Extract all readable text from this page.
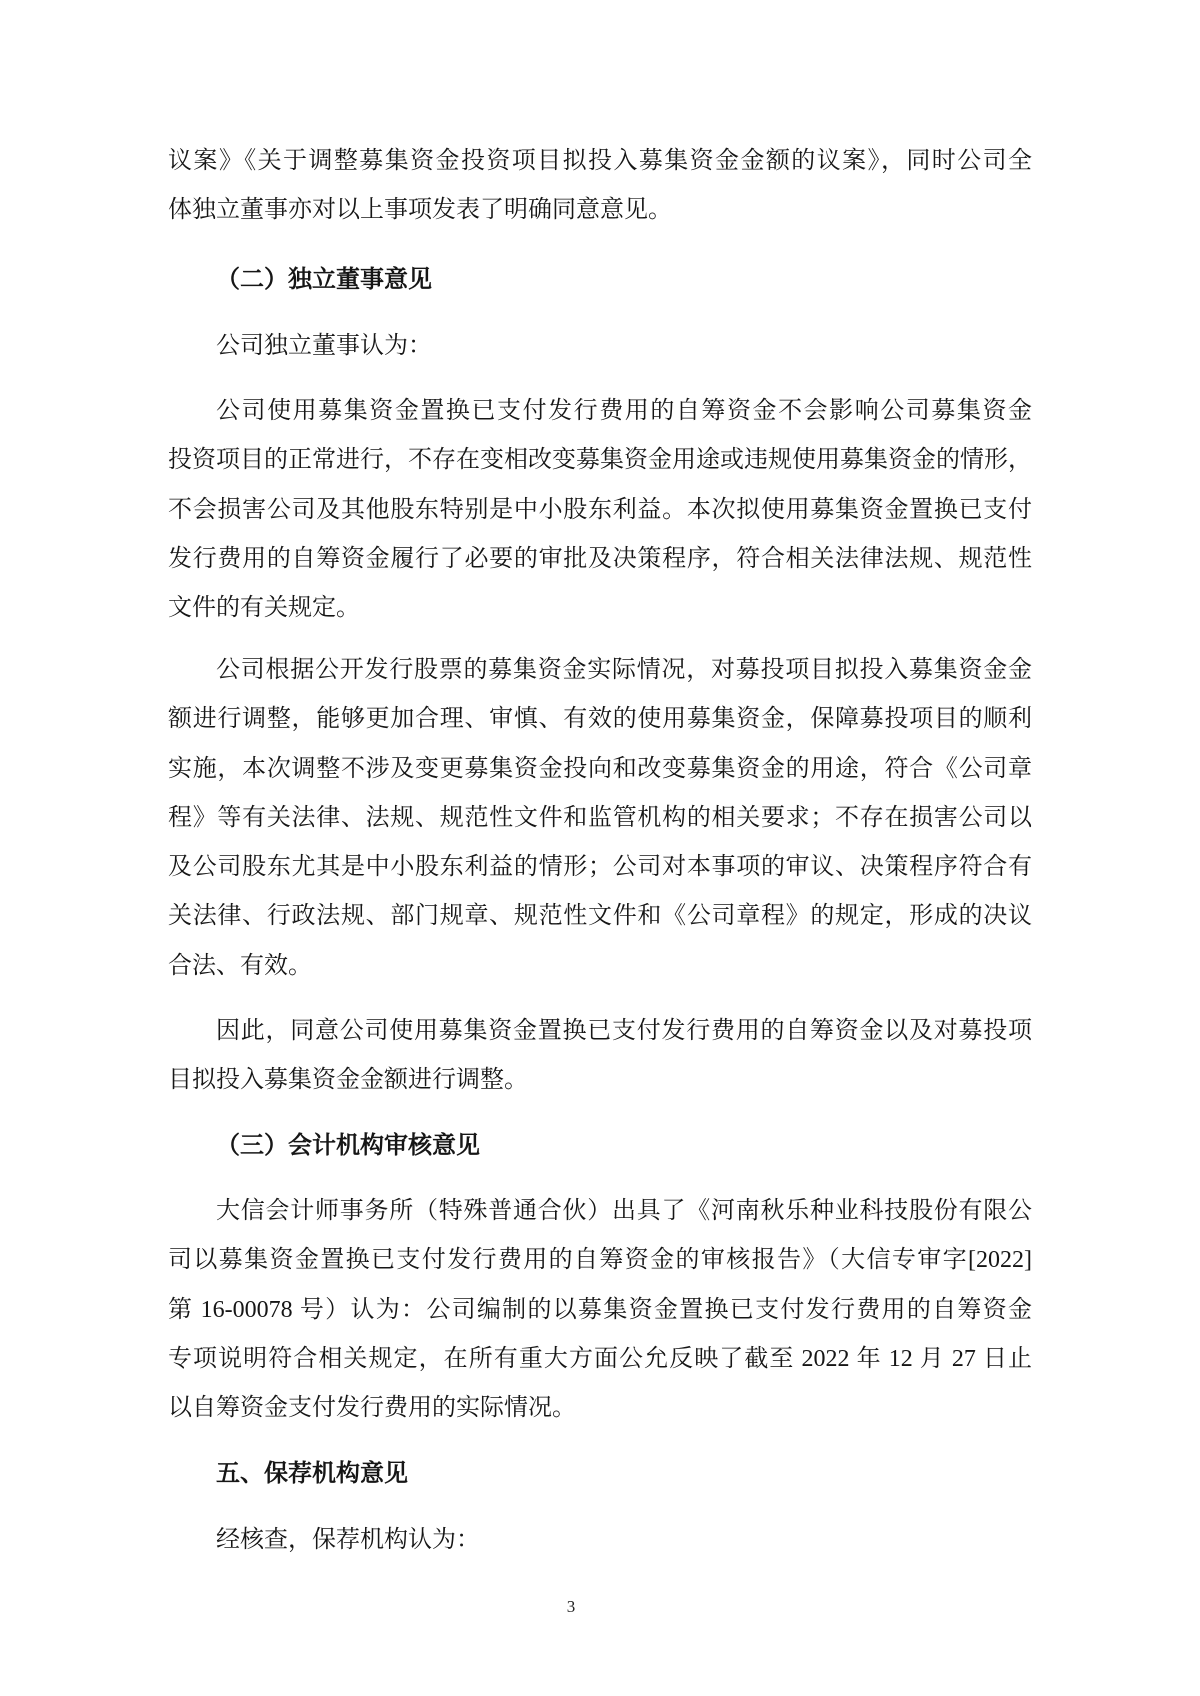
议案》《关于调整募集资金投资项目拟投入募集资金金额的议案》，同时公司全
体独立董事亦对以上事项发表了明确同意意见。
（二）独立董事意见
公司独立董事认为：
公司使用募集资金置换已支付发行费用的自筹资金不会影响公司募集资金
投资项目的正常进行，不存在变相改变募集资金用途或违规使用募集资金的情形，
不会损害公司及其他股东特别是中小股东利益。本次拟使用募集资金置换已支付
发行费用的自筹资金履行了必要的审批及决策程序，符合相关法律法规、规范性
文件的有关规定。
公司根据公开发行股票的募集资金实际情况，对募投项目拟投入募集资金金
额进行调整，能够更加合理、审慎、有效的使用募集资金，保障募投项目的顺利
实施，本次调整不涉及变更募集资金投向和改变募集资金的用途，符合《公司章
程》等有关法律、法规、规范性文件和监管机构的相关要求；不存在损害公司以
及公司股东尤其是中小股东利益的情形；公司对本事项的审议、决策程序符合有
关法律、行政法规、部门规章、规范性文件和《公司章程》的规定，形成的决议
合法、有效。
因此，同意公司使用募集资金置换已支付发行费用的自筹资金以及对募投项
目拟投入募集资金金额进行调整。
（三）会计机构审核意见
大信会计师事务所（特殊普通合伙）出具了《河南秋乐种业科技股份有限公
司以募集资金置换已支付发行费用的自筹资金的审核报告》（大信专审字[2022]
第 16-00078 号）认为：公司编制的以募集资金置换已支付发行费用的自筹资金
专项说明符合相关规定，在所有重大方面公允反映了截至 2022 年 12 月 27 日止
以自筹资金支付发行费用的实际情况。
五、保荐机构意见
经核查，保荐机构认为：
3
